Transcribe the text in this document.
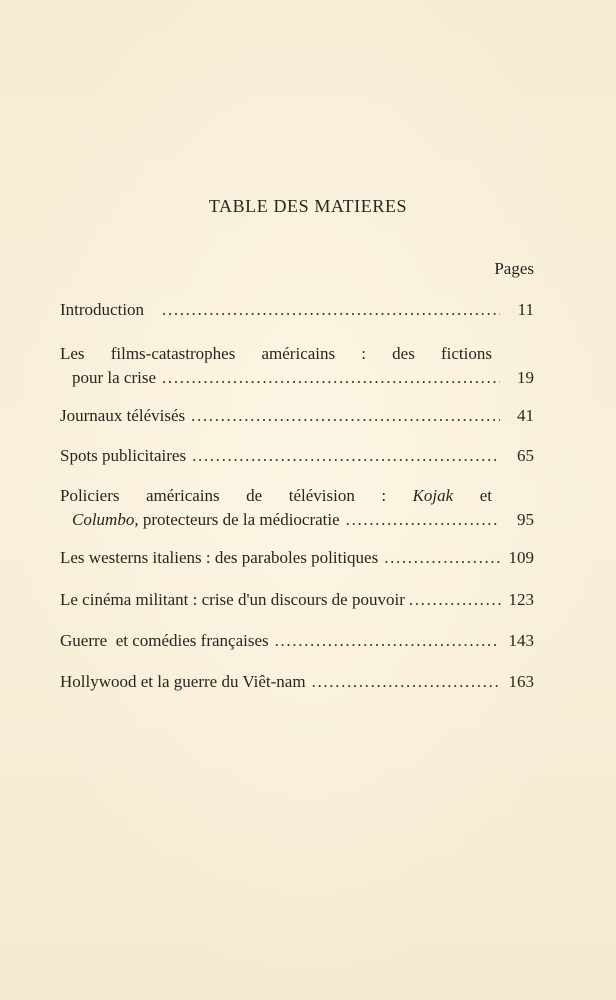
TABLE DES MATIERES
Pages
Introduction . . .	11
Les films-catastrophes américains : des fictions
pour la crise . . .	19
Journaux télévisés . . .	41
Spots publicitaires . . .	65
Policiers américains de télévision : Kojak et
Columbo, protecteurs de la médiocratie . . .	95
Les westerns italiens : des paraboles politiques . . .	109
Le cinéma militant : crise d'un discours de pouvoir . . .	123
Guerre  et comédies françaises . . .	143
Hollywood et la guerre du Viêt-nam . . .	163
